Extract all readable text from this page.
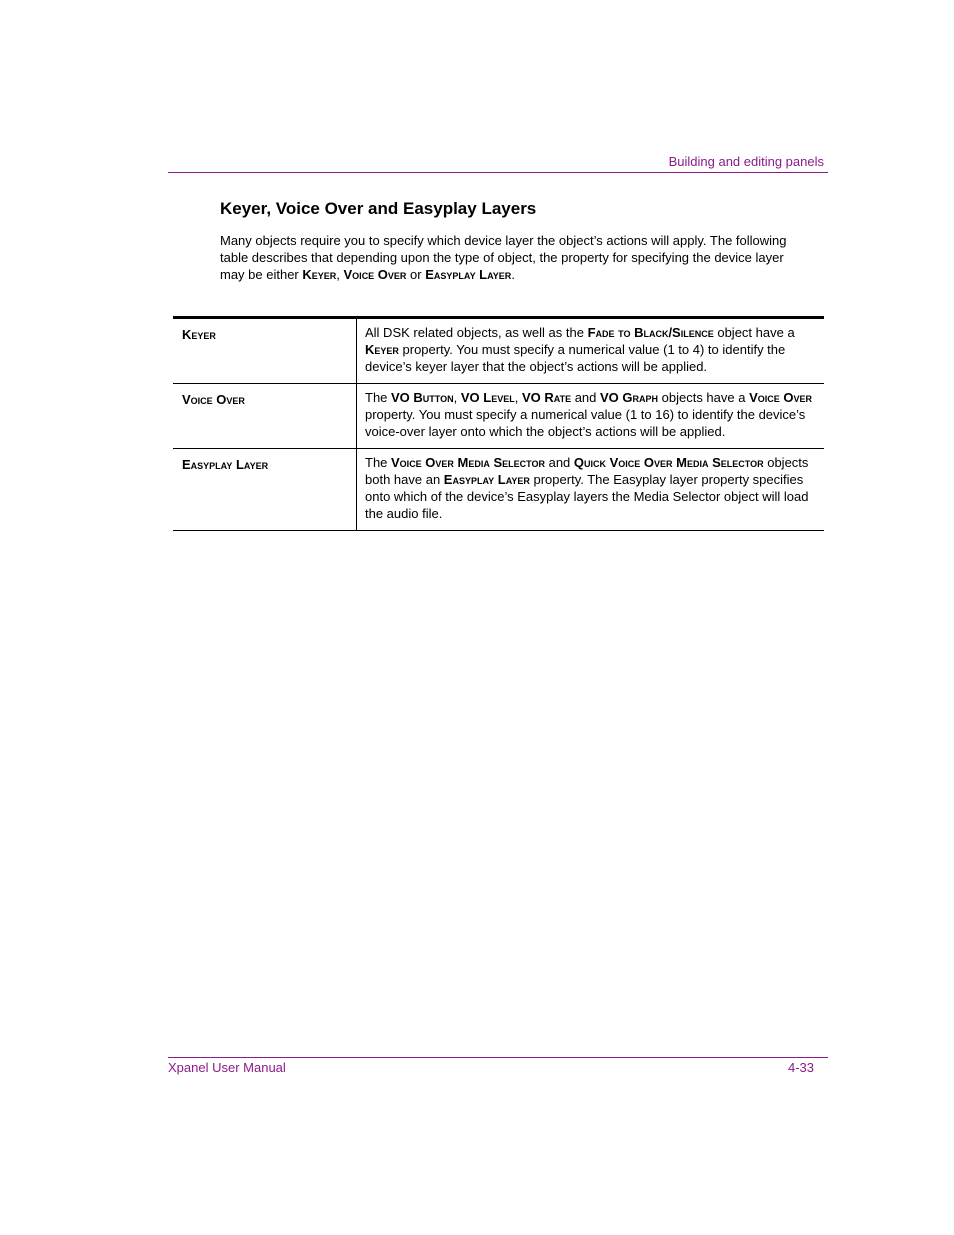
Building and editing panels
Keyer, Voice Over and Easyplay Layers

Many objects require you to specify which device layer the object’s actions will apply. The following table describes that depending upon the type of object, the property for specifying the device layer may be either Keyer, Voice Over or Easyplay Layer.

Keyer	All DSK related objects, as well as the Fade to Black/Silence object have a Keyer property. You must specify a numerical value (1 to 4) to identify the device’s keyer layer that the object’s actions will be applied.
Voice Over	The VO Button, VO Level, VO Rate and VO Graph objects have a Voice Over property. You must specify a numerical value (1 to 16) to identify the device’s voice-over layer onto which the object’s actions will be applied.
Easyplay Layer	The Voice Over Media Selector and Quick Voice Over Media Selector objects both have an Easyplay Layer property. The Easyplay layer property specifies onto which of the device’s Easyplay layers the Media Selector object will load the audio file.
Xpanel User Manual	4-33
